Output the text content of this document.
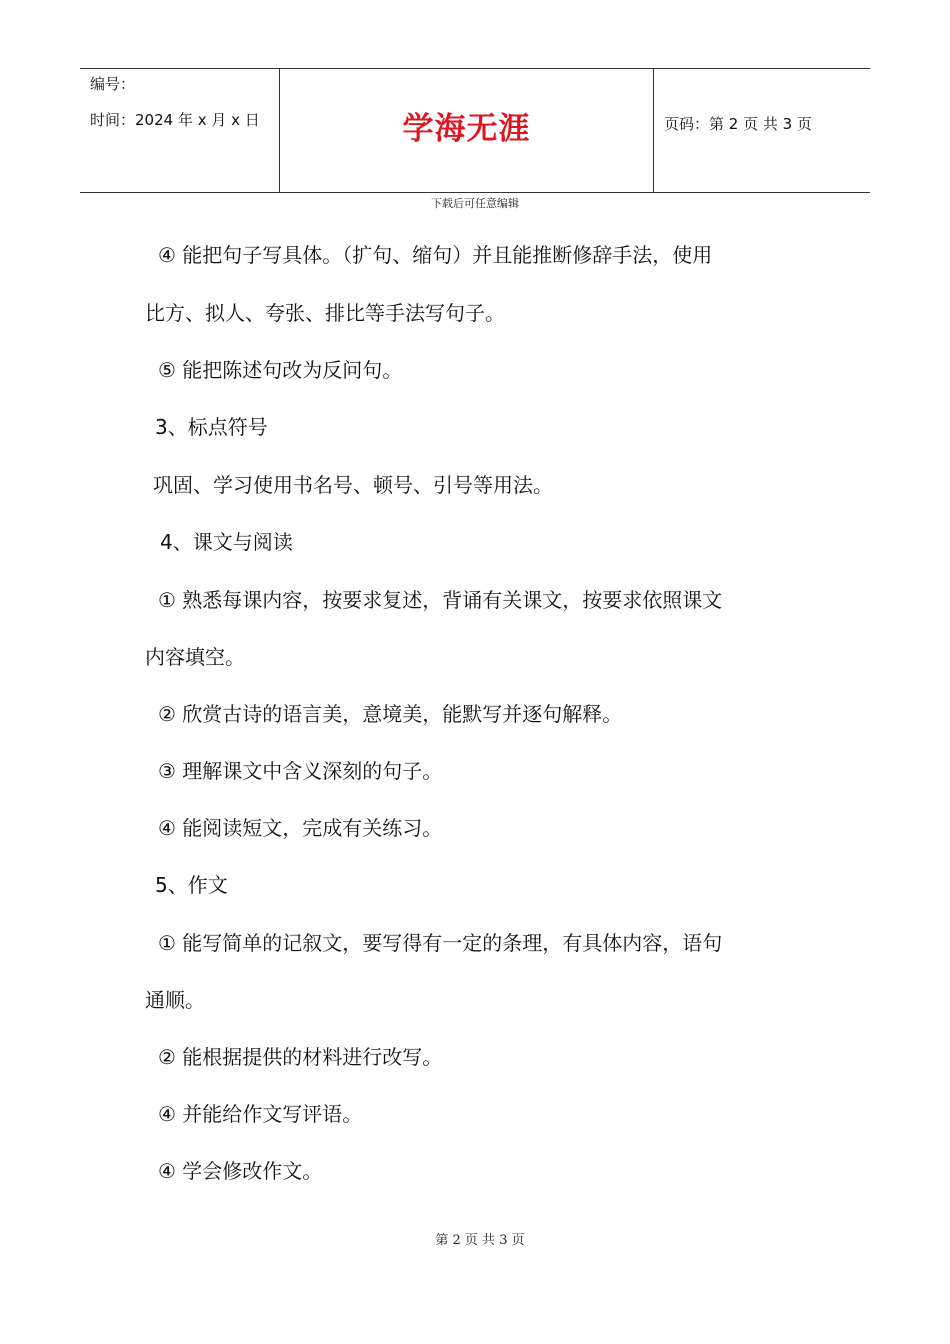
编号：
时间：2024 年 x 月 x 日	学海无涯	页码：第 2 页 共 3 页
下载后可任意编辑
④ 能把句子写具体。（扩句、缩句）并且能推断修辞手法，使用
比方、拟人、夸张、排比等手法写句子。
⑤ 能把陈述句改为反问句。
3、标点符号
巩固、学习使用书名号、顿号、引号等用法。
4、课文与阅读
① 熟悉每课内容，按要求复述，背诵有关课文，按要求依照课文
内容填空。
② 欣赏古诗的语言美，意境美，能默写并逐句解释。
③ 理解课文中含义深刻的句子。
④ 能阅读短文，完成有关练习。
5、作文
① 能写简单的记叙文，要写得有一定的条理，有具体内容，语句
通顺。
② 能根据提供的材料进行改写。
④ 并能给作文写评语。
④ 学会修改作文。
第 2 页 共 3 页
